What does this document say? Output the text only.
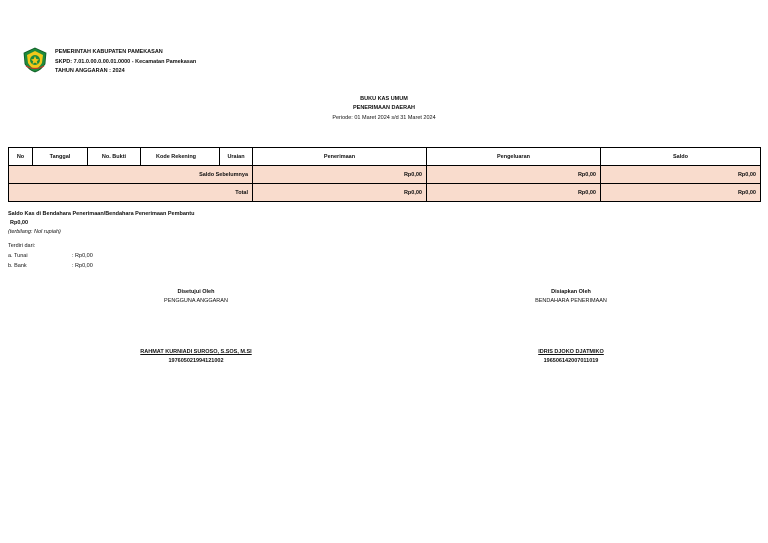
PEMERINTAH KABUPATEN PAMEKASAN
SKPD: 7.01.0.00.0.00.01.0000 - Kecamatan Pamekasan
TAHUN ANGGARAN : 2024
BUKU KAS UMUM
PENERIMAAN DAERAH
Periode: 01 Maret 2024 s/d 31 Maret 2024
No	Tanggal	No. Bukti	Kode Rekening	Uraian	Penerimaan	Pengeluaran	Saldo
Saldo Sebelumnya					Rp0,00	Rp0,00	Rp0,00
Total					Rp0,00	Rp0,00	Rp0,00
Saldo Kas di Bendahara Penerimaan/Bendahara Penerimaan Pembantu
Rp0,00
(terbilang: Nol rupiah)
Terdiri dari:
a. Tunai	: Rp0,00
b. Bank	: Rp0,00
Disetujui Oleh
PENGGUNA ANGGARAN
RAHMAT KURNIADI SUROSO, S.SOS, M.SI
197605021994121002
Disiapkan Oleh
BENDAHARA PENERIMAAN
IDRIS DJOKO DJATMIKO
196506142007011019
